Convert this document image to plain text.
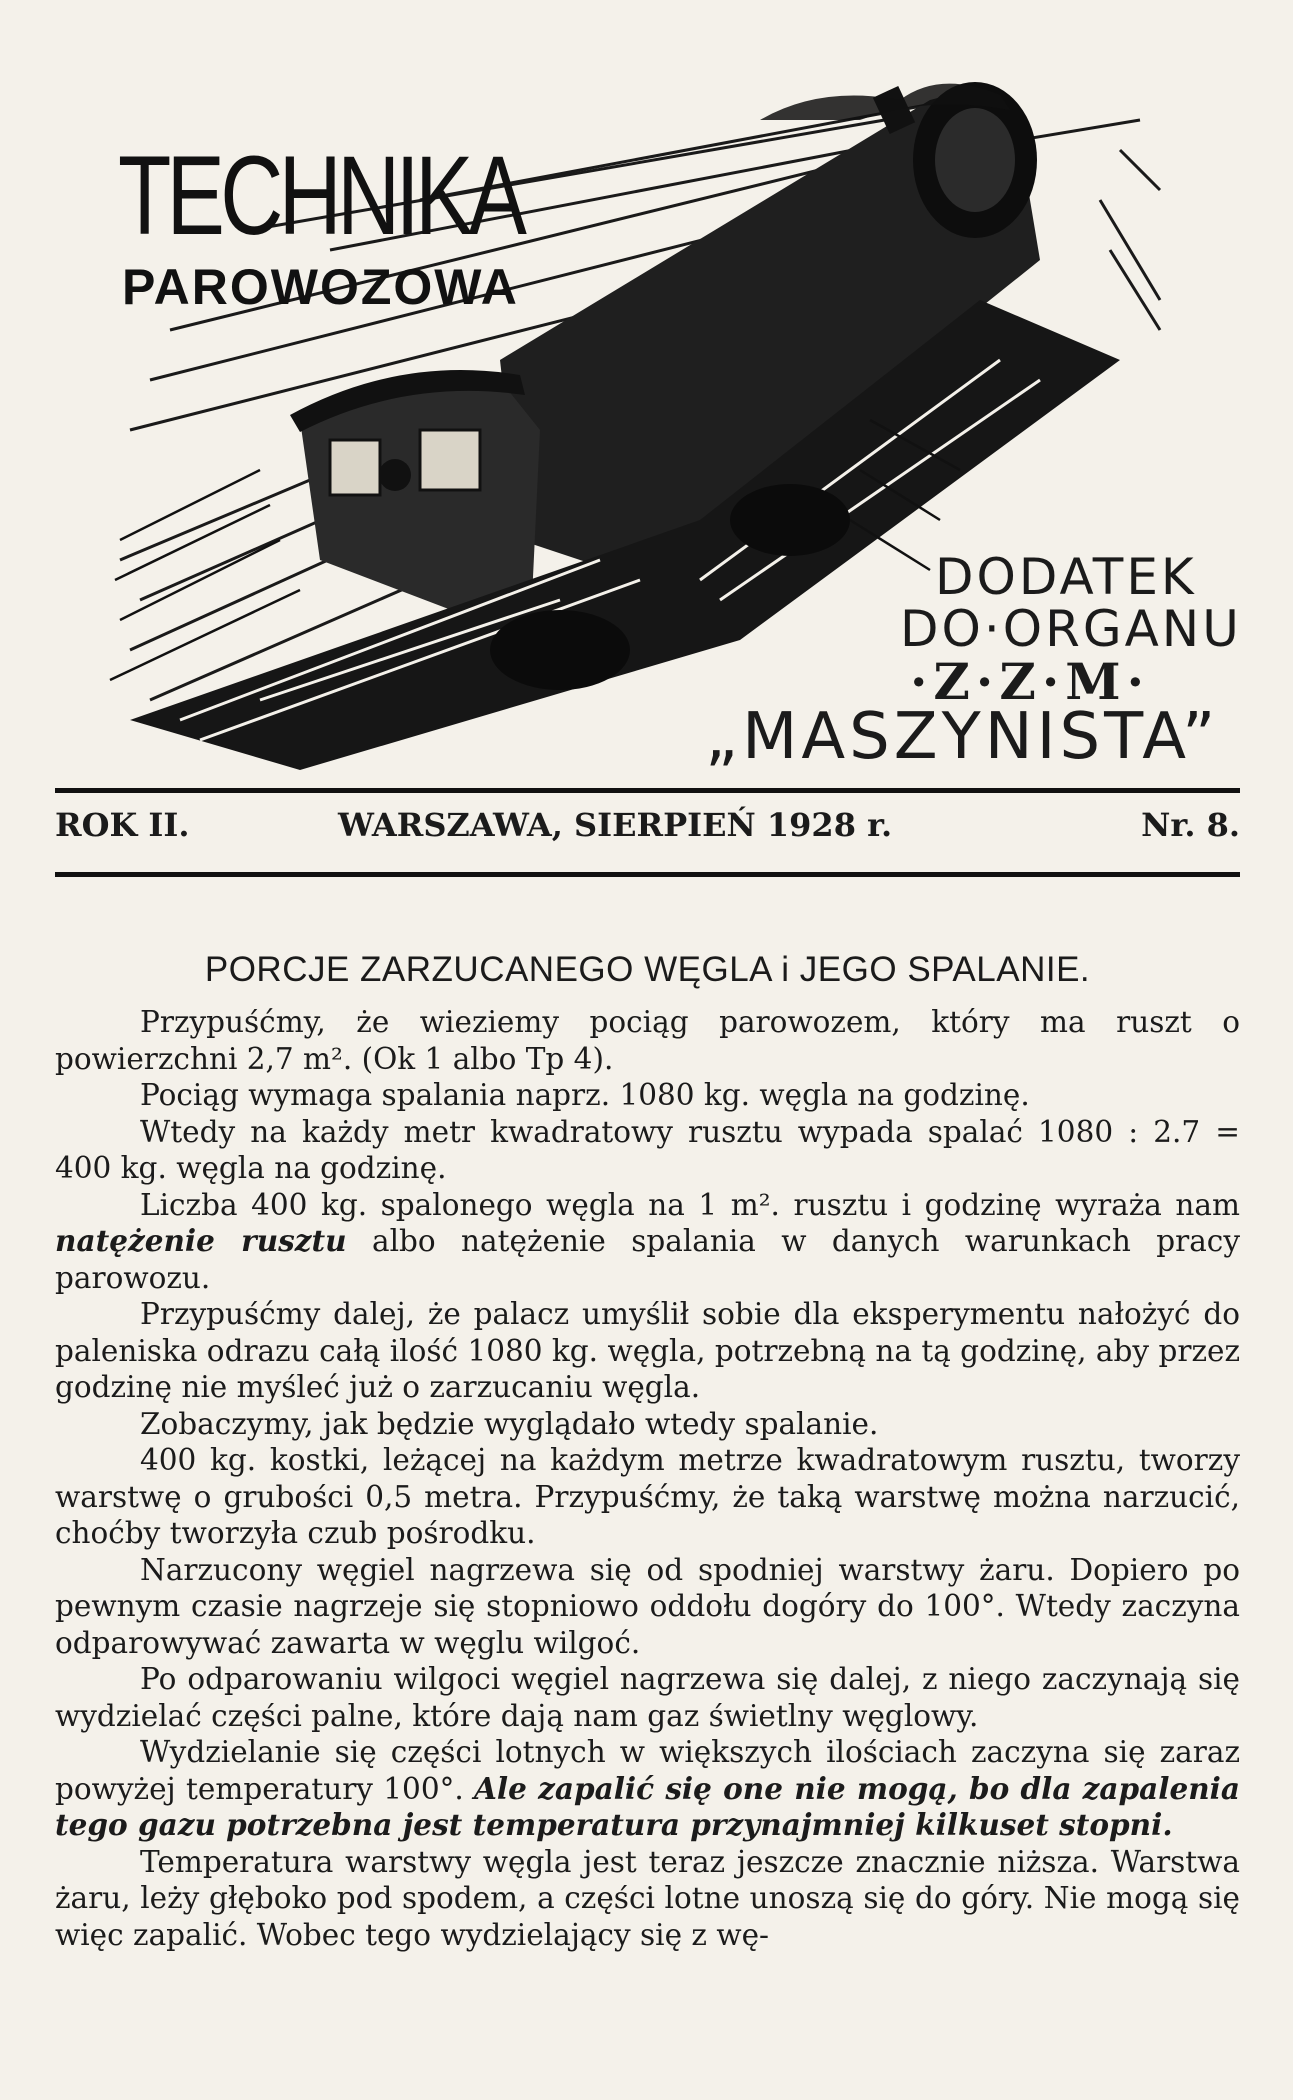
TECHNIKA
PAROWOZOWA
DODATEK
DO·ORGANU
·Z·Z·M·
„MASZYNISTA”
ROK II.	WARSZAWA, SIERPIEŃ 1928 r.	Nr. 8.
PORCJE ZARZUCANEGO WĘGLA i JEGO SPALANIE.

Przypuśćmy, że wieziemy pociąg parowozem, który ma ruszt o powierzchni 2,7 m². (Ok 1 albo Tp 4).

Pociąg wymaga spalania naprz. 1080 kg. węgla na godzinę.

Wtedy na każdy metr kwadratowy rusztu wypada spalać 1080 : 2.7 = 400 kg. węgla na godzinę.

Liczba 400 kg. spalonego węgla na 1 m². rusztu i godzinę wyraża nam natężenie rusztu albo natężenie spalania w danych warunkach pracy parowozu.

Przypuśćmy dalej, że palacz umyślił sobie dla eksperymentu nałożyć do paleniska odrazu całą ilość 1080 kg. węgla, potrzebną na tą godzinę, aby przez godzinę nie myśleć już o zarzucaniu węgla.

Zobaczymy, jak będzie wyglądało wtedy spalanie.

400 kg. kostki, leżącej na każdym metrze kwadratowym rusztu, tworzy warstwę o grubości 0,5 metra. Przypuśćmy, że taką warstwę można narzucić, choćby tworzyła czub pośrodku.

Narzucony węgiel nagrzewa się od spodniej warstwy żaru. Dopiero po pewnym czasie nagrzeje się stopniowo oddołu dogóry do 100°. Wtedy zaczyna odparowywać zawarta w węglu wilgoć.

Po odparowaniu wilgoci węgiel nagrzewa się dalej, z niego zaczynają się wydzielać części palne, które dają nam gaz świetlny węglowy.

Wydzielanie się części lotnych w większych ilościach zaczyna się zaraz powyżej temperatury 100°. Ale zapalić się one nie mogą, bo dla zapalenia tego gazu potrzebna jest temperatura przynajmniej kilkuset stopni.

Temperatura warstwy węgla jest teraz jeszcze znacznie niższa. Warstwa żaru, leży głęboko pod spodem, a części lotne unoszą się do góry. Nie mogą się więc zapalić. Wobec tego wydzielający się z wę-
